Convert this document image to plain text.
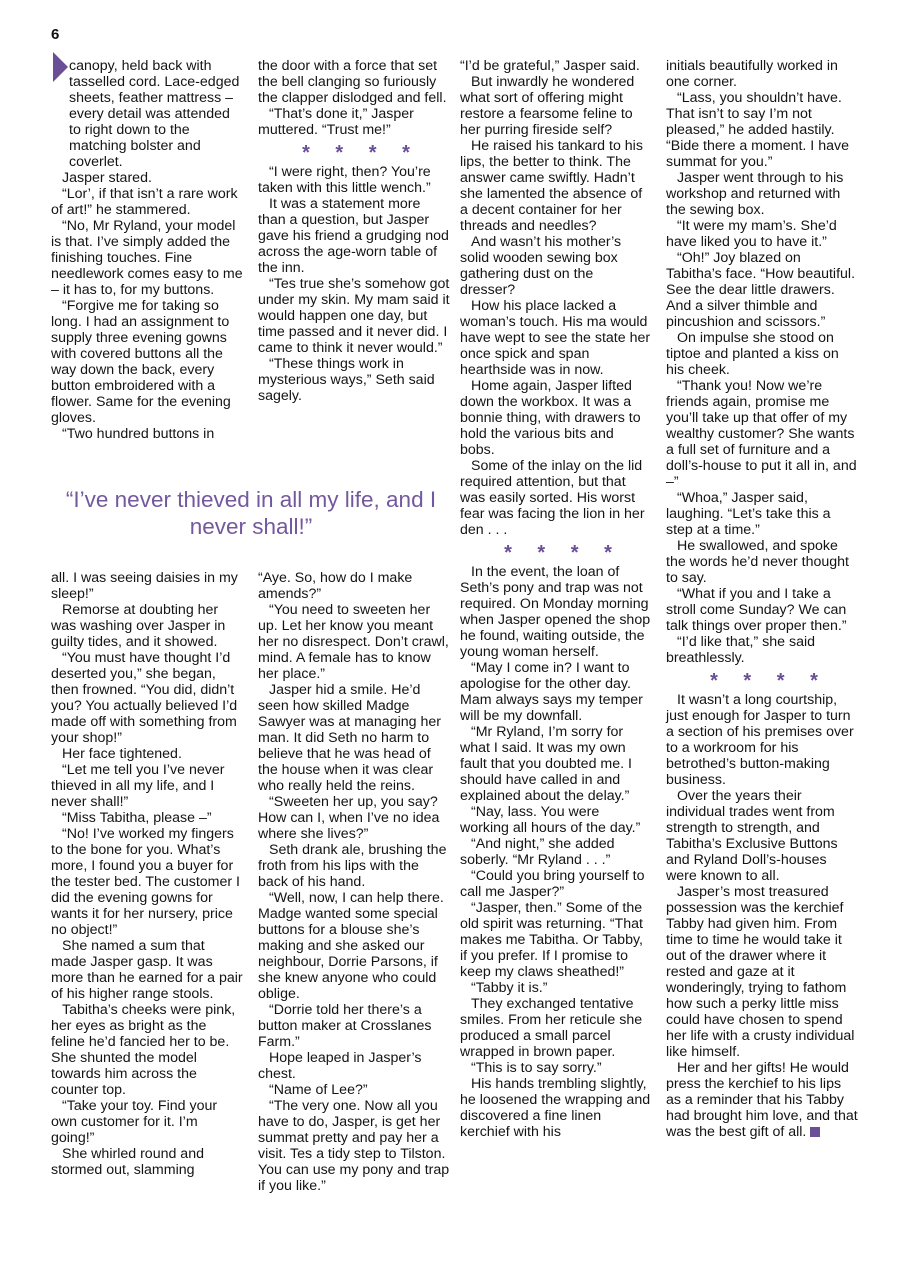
6

canopy, held back with tasselled cord. Lace-edged sheets, feather mattress – every detail was attended to right down to the matching bolster and coverlet.

Jasper stared.

“Lor’, if that isn’t a rare work of art!” he stammered.

“No, Mr Ryland, your model is that. I’ve simply added the finishing touches. Fine needlework comes easy to me – it has to, for my buttons.

“Forgive me for taking so long. I had an assignment to supply three evening gowns with covered buttons all the way down the back, every button embroidered with a flower. Same for the evening gloves.

“Two hundred buttons in

the door with a force that set the bell clanging so furiously the clapper dislodged and fell.

“That’s done it,” Jasper muttered. “Trust me!”

* * * *

“I were right, then? You’re taken with this little wench.”

It was a statement more than a question, but Jasper gave his friend a grudging nod across the age-worn table of the inn.

“Tes true she’s somehow got under my skin. My mam said it would happen one day, but time passed and it never did. I came to think it never would.”

“These things work in mysterious ways,” Seth said sagely.

all. I was seeing daisies in my sleep!”

Remorse at doubting her was washing over Jasper in guilty tides, and it showed.

“You must have thought I’d deserted you,” she began, then frowned. “You did, didn’t you? You actually believed I’d made off with something from your shop!”

Her face tightened.

“Let me tell you I’ve never thieved in all my life, and I never shall!”

“Miss Tabitha, please –”

“No! I’ve worked my fingers to the bone for you. What’s more, I found you a buyer for the tester bed. The customer I did the evening gowns for wants it for her nursery, price no object!”

She named a sum that made Jasper gasp. It was more than he earned for a pair of his higher range stools.

Tabitha’s cheeks were pink, her eyes as bright as the feline he’d fancied her to be. She shunted the model towards him across the counter top.

“Take your toy. Find your own customer for it. I’m going!”

She whirled round and stormed out, slamming

“Aye. So, how do I make amends?”

“You need to sweeten her up. Let her know you meant her no disrespect. Don’t crawl, mind. A female has to know her place.”

Jasper hid a smile. He’d seen how skilled Madge Sawyer was at managing her man. It did Seth no harm to believe that he was head of the house when it was clear who really held the reins.

“Sweeten her up, you say? How can I, when I’ve no idea where she lives?”

Seth drank ale, brushing the froth from his lips with the back of his hand.

“Well, now, I can help there. Madge wanted some special buttons for a blouse she’s making and she asked our neighbour, Dorrie Parsons, if she knew anyone who could oblige.

“Dorrie told her there’s a button maker at Crosslanes Farm.”

Hope leaped in Jasper’s chest.

“Name of Lee?”

“The very one. Now all you have to do, Jasper, is get her summat pretty and pay her a visit. Tes a tidy step to Tilston. You can use my pony and trap if you like.”

“I’d be grateful,” Jasper said.

But inwardly he wondered what sort of offering might restore a fearsome feline to her purring fireside self?

He raised his tankard to his lips, the better to think. The answer came swiftly. Hadn’t she lamented the absence of a decent container for her threads and needles?

And wasn’t his mother’s solid wooden sewing box gathering dust on the dresser?

How his place lacked a woman’s touch. His ma would have wept to see the state her once spick and span hearthside was in now.

Home again, Jasper lifted down the workbox. It was a bonnie thing, with drawers to hold the various bits and bobs.

Some of the inlay on the lid required attention, but that was easily sorted. His worst fear was facing the lion in her den . . .

* * * *

In the event, the loan of Seth’s pony and trap was not required. On Monday morning when Jasper opened the shop he found, waiting outside, the young woman herself.

“May I come in? I want to apologise for the other day. Mam always says my temper will be my downfall.

“Mr Ryland, I’m sorry for what I said. It was my own fault that you doubted me. I should have called in and explained about the delay.”

“Nay, lass. You were working all hours of the day.”

“And night,” she added soberly. “Mr Ryland . . .”

“Could you bring yourself to call me Jasper?”

“Jasper, then.” Some of the old spirit was returning. “That makes me Tabitha. Or Tabby, if you prefer. If I promise to keep my claws sheathed!”

“Tabby it is.”

They exchanged tentative smiles. From her reticule she produced a small parcel wrapped in brown paper.

“This is to say sorry.”

His hands trembling slightly, he loosened the wrapping and discovered a fine linen kerchief with his

initials beautifully worked in one corner.

“Lass, you shouldn’t have. That isn’t to say I’m not pleased,” he added hastily. “Bide there a moment. I have summat for you.”

Jasper went through to his workshop and returned with the sewing box.

“It were my mam’s. She’d have liked you to have it.”

“Oh!” Joy blazed on Tabitha’s face. “How beautiful. See the dear little drawers. And a silver thimble and pincushion and scissors.”

On impulse she stood on tiptoe and planted a kiss on his cheek.

“Thank you! Now we’re friends again, promise me you’ll take up that offer of my wealthy customer? She wants a full set of furniture and a doll’s-house to put it all in, and –”

“Whoa,” Jasper said, laughing. “Let’s take this a step at a time.”

He swallowed, and spoke the words he’d never thought to say.

“What if you and I take a stroll come Sunday? We can talk things over proper then.”

“I’d like that,” she said breathlessly.

* * * *

It wasn’t a long courtship, just enough for Jasper to turn a section of his premises over to a workroom for his betrothed’s button-making business.

Over the years their individual trades went from strength to strength, and Tabitha’s Exclusive Buttons and Ryland Doll’s-houses were known to all.

Jasper’s most treasured possession was the kerchief Tabby had given him. From time to time he would take it out of the drawer where it rested and gaze at it wonderingly, trying to fathom how such a perky little miss could have chosen to spend her life with a crusty individual like himself.

Her and her gifts! He would press the kerchief to his lips as a reminder that his Tabby had brought him love, and that was the best gift of all.

“I’ve never thieved in all my life, and I never shall!”
